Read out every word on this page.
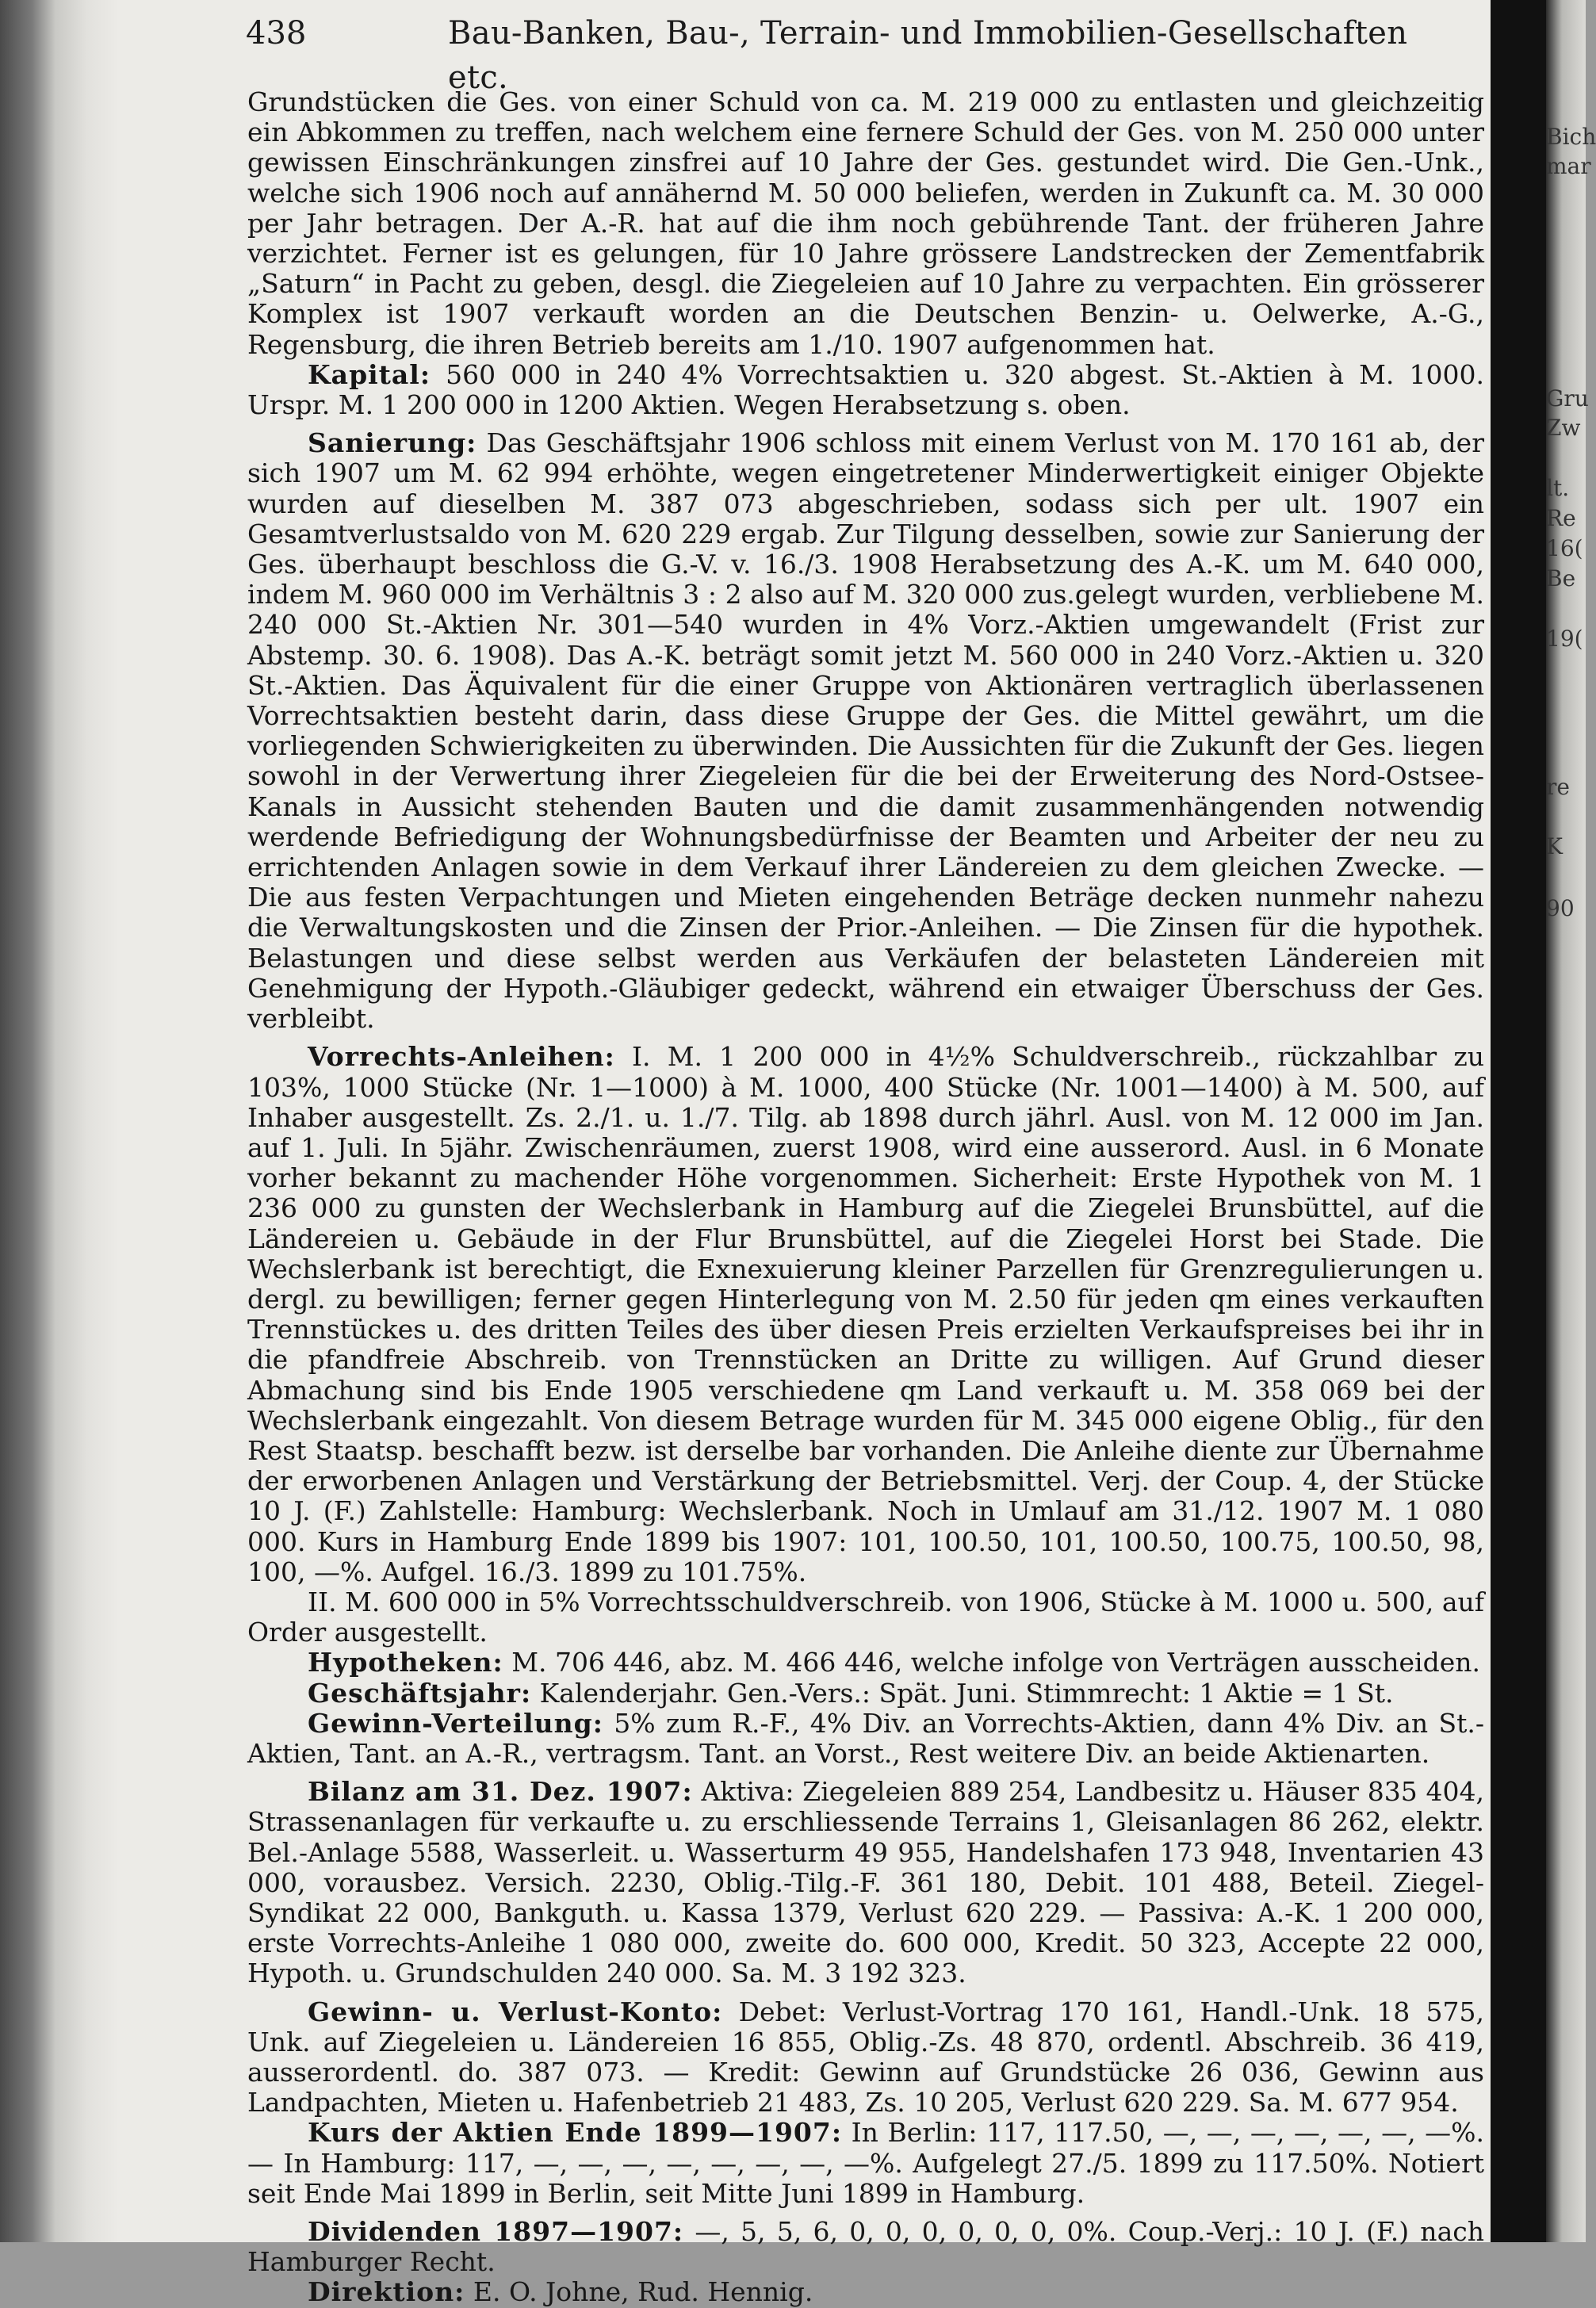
438	Bau-Banken, Bau-, Terrain- und Immobilien-Gesellschaften etc.

Grundstücken die Ges. von einer Schuld von ca. M. 219 000 zu entlasten und gleichzeitig ein Abkommen zu treffen, nach welchem eine fernere Schuld der Ges. von M. 250 000 unter gewissen Einschränkungen zinsfrei auf 10 Jahre der Ges. gestundet wird. Die Gen.-Unk., welche sich 1906 noch auf annähernd M. 50 000 beliefen, werden in Zukunft ca. M. 30 000 per Jahr betragen. Der A.-R. hat auf die ihm noch gebührende Tant. der früheren Jahre verzichtet. Ferner ist es gelungen, für 10 Jahre grössere Landstrecken der Zementfabrik „Saturn“ in Pacht zu geben, desgl. die Ziegeleien auf 10 Jahre zu verpachten. Ein grösserer Komplex ist 1907 verkauft worden an die Deutschen Benzin- u. Oelwerke, A.-G., Regensburg, die ihren Betrieb bereits am 1./10. 1907 aufgenommen hat.

Kapital: 560 000 in 240 4% Vorrechtsaktien u. 320 abgest. St.-Aktien à M. 1000. Urspr. M. 1 200 000 in 1200 Aktien. Wegen Herabsetzung s. oben.

Sanierung: Das Geschäftsjahr 1906 schloss mit einem Verlust von M. 170 161 ab, der sich 1907 um M. 62 994 erhöhte, wegen eingetretener Minderwertigkeit einiger Objekte wurden auf dieselben M. 387 073 abgeschrieben, sodass sich per ult. 1907 ein Gesamtverlustsaldo von M. 620 229 ergab. Zur Tilgung desselben, sowie zur Sanierung der Ges. überhaupt beschloss die G.-V. v. 16./3. 1908 Herabsetzung des A.-K. um M. 640 000, indem M. 960 000 im Verhältnis 3 : 2 also auf M. 320 000 zus.gelegt wurden, verbliebene M. 240 000 St.-Aktien Nr. 301—540 wurden in 4% Vorz.-Aktien umgewandelt (Frist zur Abstemp. 30. 6. 1908). Das A.-K. beträgt somit jetzt M. 560 000 in 240 Vorz.-Aktien u. 320 St.-Aktien. Das Äquivalent für die einer Gruppe von Aktionären vertraglich überlassenen Vorrechtsaktien besteht darin, dass diese Gruppe der Ges. die Mittel gewährt, um die vorliegenden Schwierigkeiten zu überwinden. Die Aussichten für die Zukunft der Ges. liegen sowohl in der Verwertung ihrer Ziegeleien für die bei der Erweiterung des Nord-Ostsee-Kanals in Aussicht stehenden Bauten und die damit zusammenhängenden notwendig werdende Befriedigung der Wohnungsbedürfnisse der Beamten und Arbeiter der neu zu errichtenden Anlagen sowie in dem Verkauf ihrer Ländereien zu dem gleichen Zwecke. — Die aus festen Verpachtungen und Mieten eingehenden Beträge decken nunmehr nahezu die Verwaltungskosten und die Zinsen der Prior.-Anleihen. — Die Zinsen für die hypothek. Belastungen und diese selbst werden aus Verkäufen der belasteten Ländereien mit Genehmigung der Hypoth.-Gläubiger gedeckt, während ein etwaiger Überschuss der Ges. verbleibt.

Vorrechts-Anleihen: I. M. 1 200 000 in 4½% Schuldverschreib., rückzahlbar zu 103%, 1000 Stücke (Nr. 1—1000) à M. 1000, 400 Stücke (Nr. 1001—1400) à M. 500, auf Inhaber ausgestellt. Zs. 2./1. u. 1./7. Tilg. ab 1898 durch jährl. Ausl. von M. 12 000 im Jan. auf 1. Juli. In 5jähr. Zwischenräumen, zuerst 1908, wird eine ausserord. Ausl. in 6 Monate vorher bekannt zu machender Höhe vorgenommen. Sicherheit: Erste Hypothek von M. 1 236 000 zu gunsten der Wechslerbank in Hamburg auf die Ziegelei Brunsbüttel, auf die Ländereien u. Gebäude in der Flur Brunsbüttel, auf die Ziegelei Horst bei Stade. Die Wechslerbank ist berechtigt, die Exnexuierung kleiner Parzellen für Grenzregulierungen u. dergl. zu bewilligen; ferner gegen Hinterlegung von M. 2.50 für jeden qm eines verkauften Trennstückes u. des dritten Teiles des über diesen Preis erzielten Verkaufspreises bei ihr in die pfandfreie Abschreib. von Trennstücken an Dritte zu willigen. Auf Grund dieser Abmachung sind bis Ende 1905 verschiedene qm Land verkauft u. M. 358 069 bei der Wechslerbank eingezahlt. Von diesem Betrage wurden für M. 345 000 eigene Oblig., für den Rest Staatsp. beschafft bezw. ist derselbe bar vorhanden. Die Anleihe diente zur Übernahme der erworbenen Anlagen und Verstärkung der Betriebsmittel. Verj. der Coup. 4, der Stücke 10 J. (F.) Zahlstelle: Hamburg: Wechslerbank. Noch in Umlauf am 31./12. 1907 M. 1 080 000. Kurs in Hamburg Ende 1899 bis 1907: 101, 100.50, 101, 100.50, 100.75, 100.50, 98, 100, —%. Aufgel. 16./3. 1899 zu 101.75%.

II. M. 600 000 in 5% Vorrechtsschuldverschreib. von 1906, Stücke à M. 1000 u. 500, auf Order ausgestellt.

Hypotheken: M. 706 446, abz. M. 466 446, welche infolge von Verträgen ausscheiden.

Geschäftsjahr: Kalenderjahr. Gen.-Vers.: Spät. Juni. Stimmrecht: 1 Aktie = 1 St.

Gewinn-Verteilung: 5% zum R.-F., 4% Div. an Vorrechts-Aktien, dann 4% Div. an St.-Aktien, Tant. an A.-R., vertragsm. Tant. an Vorst., Rest weitere Div. an beide Aktienarten.

Bilanz am 31. Dez. 1907: Aktiva: Ziegeleien 889 254, Landbesitz u. Häuser 835 404, Strassenanlagen für verkaufte u. zu erschliessende Terrains 1, Gleisanlagen 86 262, elektr. Bel.-Anlage 5588, Wasserleit. u. Wasserturm 49 955, Handelshafen 173 948, Inventarien 43 000, vorausbez. Versich. 2230, Oblig.-Tilg.-F. 361 180, Debit. 101 488, Beteil. Ziegel-Syndikat 22 000, Bankguth. u. Kassa 1379, Verlust 620 229. — Passiva: A.-K. 1 200 000, erste Vorrechts-Anleihe 1 080 000, zweite do. 600 000, Kredit. 50 323, Accepte 22 000, Hypoth. u. Grundschulden 240 000. Sa. M. 3 192 323.

Gewinn- u. Verlust-Konto: Debet: Verlust-Vortrag 170 161, Handl.-Unk. 18 575, Unk. auf Ziegeleien u. Ländereien 16 855, Oblig.-Zs. 48 870, ordentl. Abschreib. 36 419, ausserordentl. do. 387 073. — Kredit: Gewinn auf Grundstücke 26 036, Gewinn aus Landpachten, Mieten u. Hafenbetrieb 21 483, Zs. 10 205, Verlust 620 229. Sa. M. 677 954.

Kurs der Aktien Ende 1899—1907: In Berlin: 117, 117.50, —, —, —, —, —, —, —%. — In Hamburg: 117, —, —, —, —, —, —, —, —%. Aufgelegt 27./5. 1899 zu 117.50%. Notiert seit Ende Mai 1899 in Berlin, seit Mitte Juni 1899 in Hamburg.

Dividenden 1897—1907: —, 5, 5, 6, 0, 0, 0, 0, 0, 0, 0%. Coup.-Verj.: 10 J. (F.) nach Hamburger Recht.

Direktion: E. O. Johne, Rud. Hennig.

Bich
mar
Gru
Zw
lt.
Re
16(
Be
19(
re
K
90
